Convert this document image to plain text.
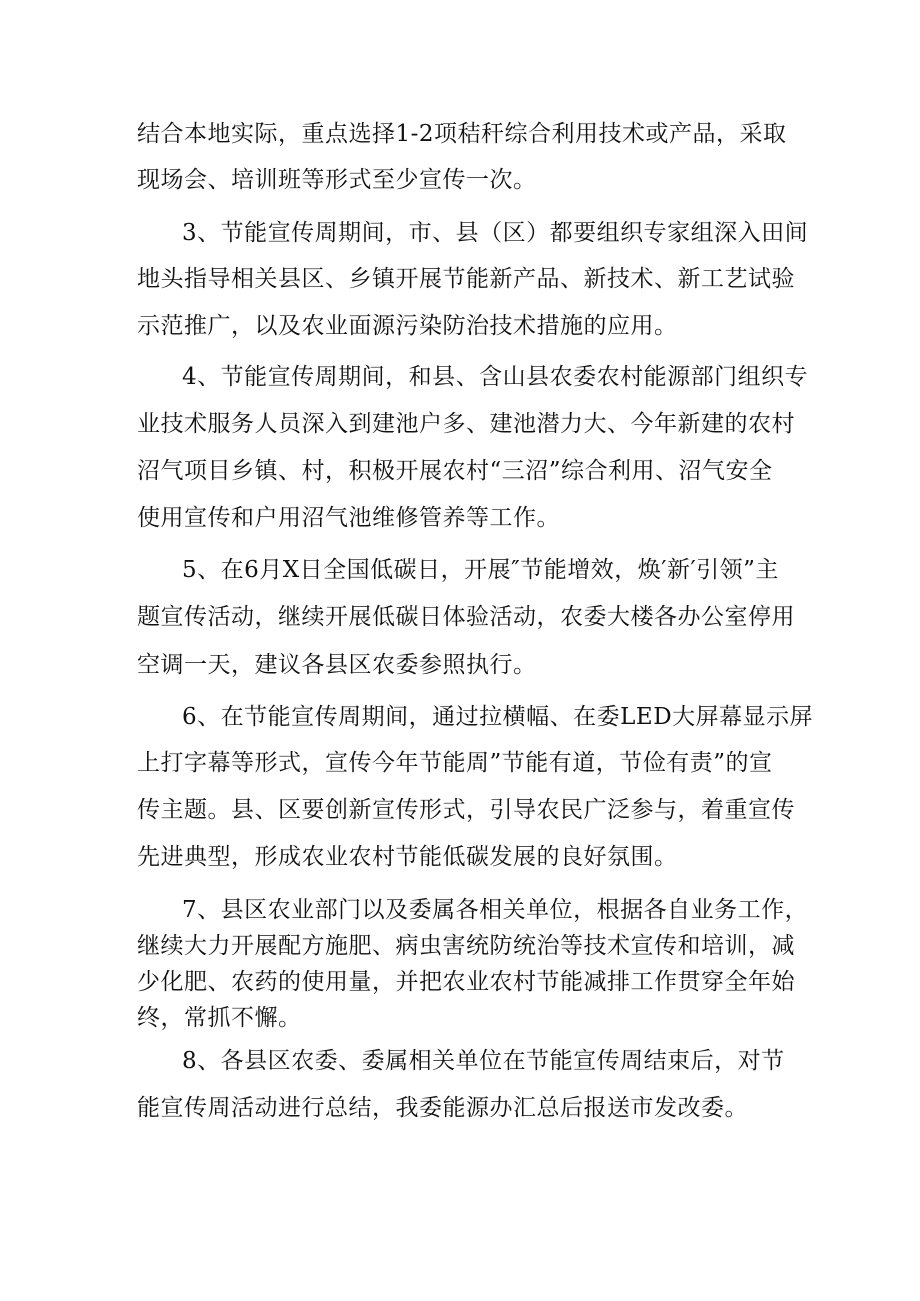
结合本地实际，重点选择1-2项秸秆综合利用技术或产品，采取
现场会、培训班等形式至少宣传一次。
3、节能宣传周期间，市、县（区）都要组织专家组深入田间
地头指导相关县区、乡镇开展节能新产品、新技术、新工艺试验
示范推广，以及农业面源污染防治技术措施的应用。
4、节能宣传周期间，和县、含山县农委农村能源部门组织专
业技术服务人员深入到建池户多、建池潜力大、今年新建的农村
沼气项目乡镇、村，积极开展农村“三沼”综合利用、沼气安全
使用宣传和户用沼气池维修管养等工作。
5、在6月X日全国低碳日，开展″节能增效，焕′新′引领”主
题宣传活动，继续开展低碳日体验活动，农委大楼各办公室停用
空调一天，建议各县区农委参照执行。
6、在节能宣传周期间，通过拉横幅、在委LED大屏幕显示屏
上打字幕等形式，宣传今年节能周”节能有道，节俭有责”的宣
传主题。县、区要创新宣传形式，引导农民广泛参与，着重宣传
先进典型，形成农业农村节能低碳发展的良好氛围。
7、县区农业部门以及委属各相关单位，根据各自业务工作，
继续大力开展配方施肥、病虫害统防统治等技术宣传和培训，减
少化肥、农药的使用量，并把农业农村节能减排工作贯穿全年始
终，常抓不懈。
8、各县区农委、委属相关单位在节能宣传周结束后，对节
能宣传周活动进行总结，我委能源办汇总后报送市发改委。
